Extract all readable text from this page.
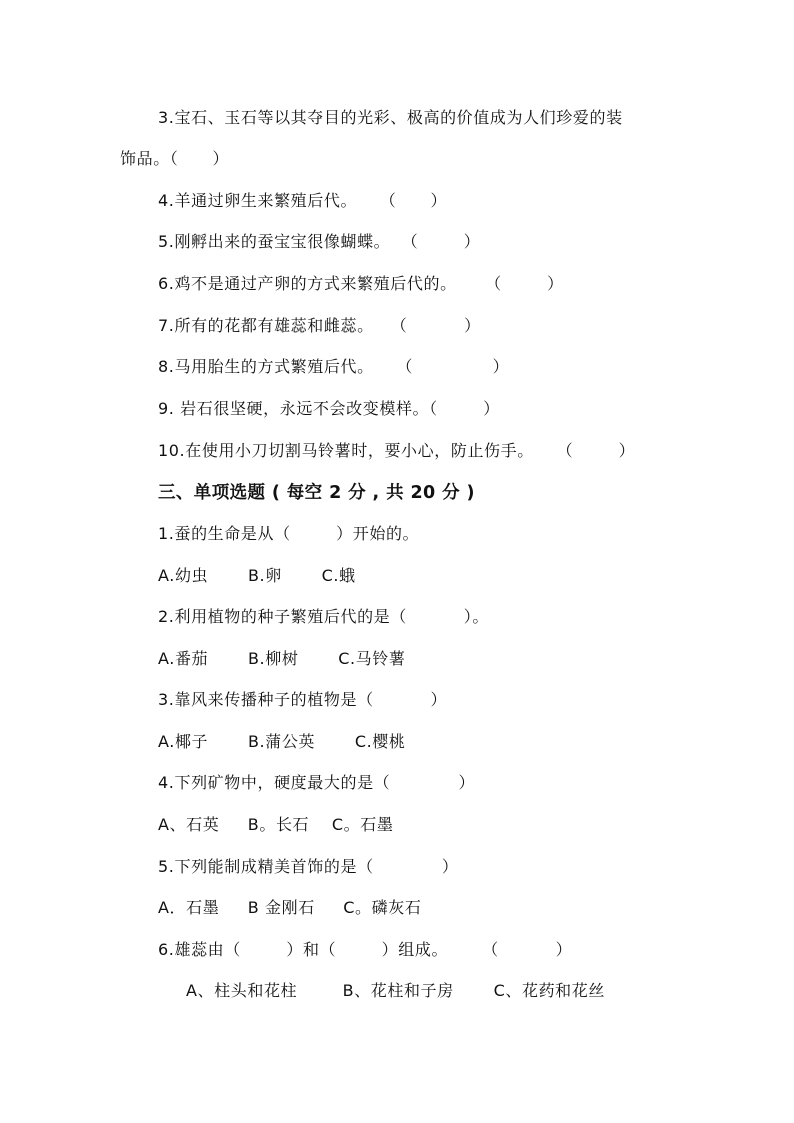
3.宝石、玉石等以其夺目的光彩、极高的价值成为人们珍爱的装
饰品。（      ）
4.羊通过卵生来繁殖后代。    （      ）
5.刚孵出来的蚕宝宝很像蝴蝶。  （        ）
6.鸡不是通过产卵的方式来繁殖后代的。     （        ）
7.所有的花都有雄蕊和雌蕊。   （          ）
8.马用胎生的方式繁殖后代。    （              ）
9. 岩石很坚硬，永远不会改变模样。（        ）
10.在使用小刀切割马铃薯时，要小心，防止伤手。    （        ）
三、单项选题 ( 每空 2 分 , 共 20 分 )
1.蚕的生命是从（        ）开始的。
A.幼虫       B.卵       C.蛾
2.利用植物的种子繁殖后代的是（          ）。
A.番茄       B.柳树       C.马铃薯
3.靠风来传播种子的植物是（          ）
A.椰子       B.蒲公英       C.樱桃
4.下列矿物中，硬度最大的是（            ）
A、石英     B。长石    C。石墨
5.下列能制成精美首饰的是（            ）
A．石墨     B 金刚石     C。磷灰石
6.雄蕊由（        ）和（        ）组成。      （          ）
A、柱头和花柱        B、花柱和子房       C、花药和花丝
